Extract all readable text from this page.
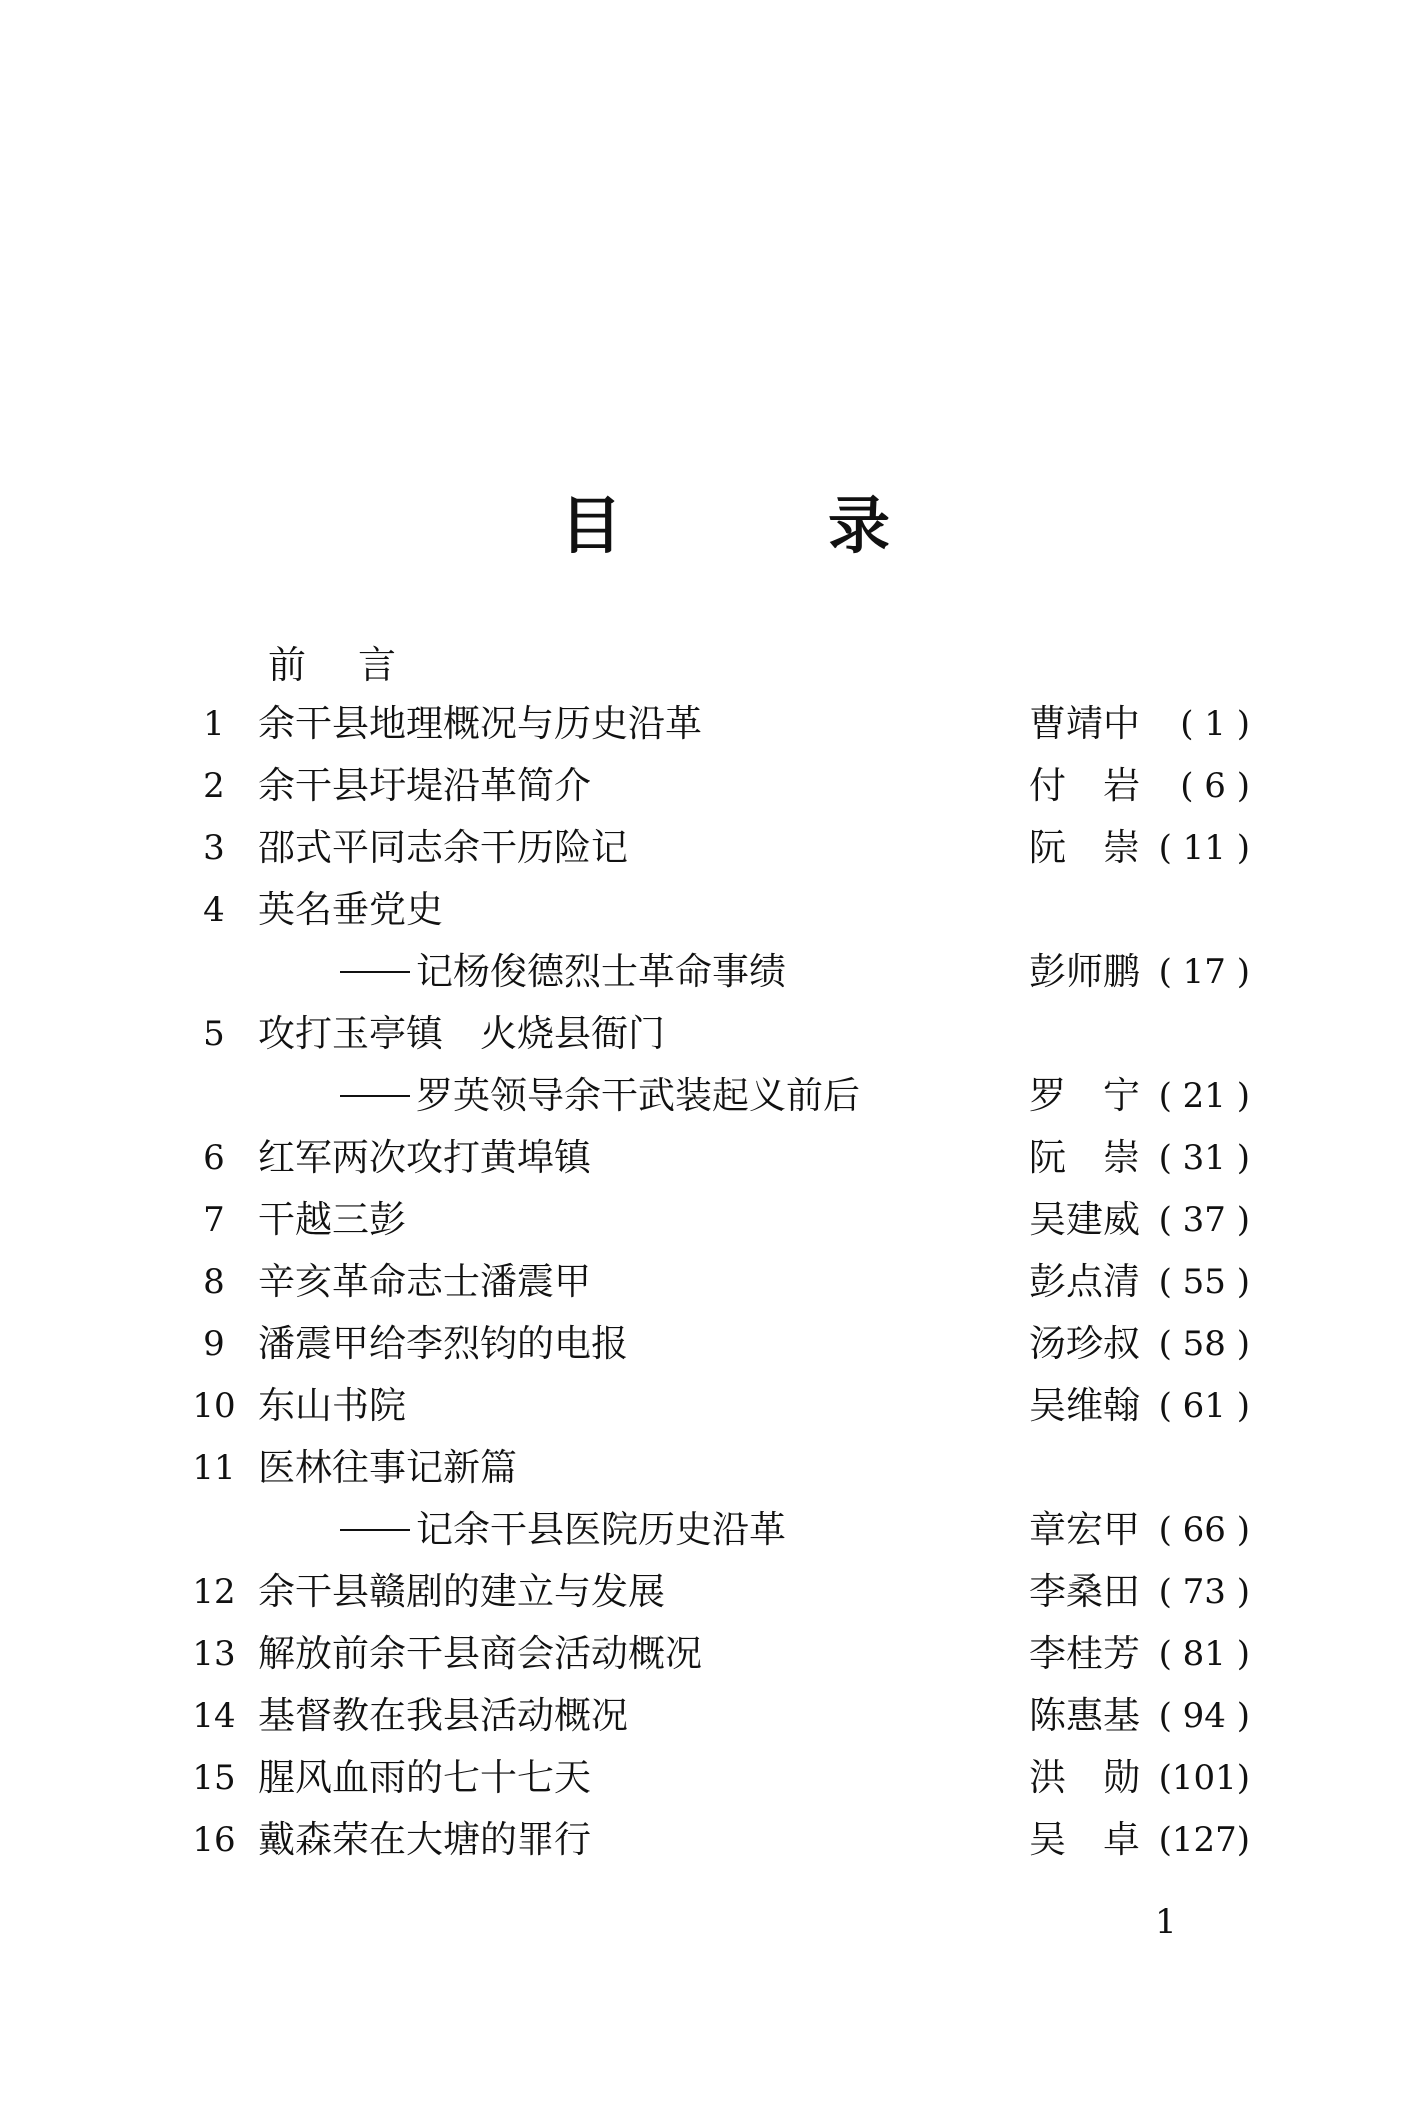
目	录
前言
1 余干县地理概况与历史沿革	曹靖中	( 1 )
2 余干县圩堤沿革简介	付　岩	( 6 )
3 邵式平同志余干历险记	阮　崇 ( 11 )
4 英名垂党史
记杨俊德烈士革命事绩	彭师鹏 ( 17 )
5 攻打玉亭镇　火烧县衙门
罗英领导余干武装起义前后	罗　宁 ( 21 )
6 红军两次攻打黄埠镇	阮　崇 ( 31 )
7 干越三彭	吴建威 ( 37 )
8 辛亥革命志士潘震甲	彭点清 ( 55 )
9 潘震甲给李烈钧的电报	汤珍叔 ( 58 )
10 东山书院	吴维翰 ( 61 )
11 医林往事记新篇
记余干县医院历史沿革	章宏甲 ( 66 )
12 余干县赣剧的建立与发展	李桑田 ( 73 )
13 解放前余干县商会活动概况	李桂芳 ( 81 )
14 基督教在我县活动概况	陈惠基 ( 94 )
15 腥风血雨的七十七天	洪　勋 (101)
16 戴森荣在大塘的罪行	吴　卓 (127)
1
